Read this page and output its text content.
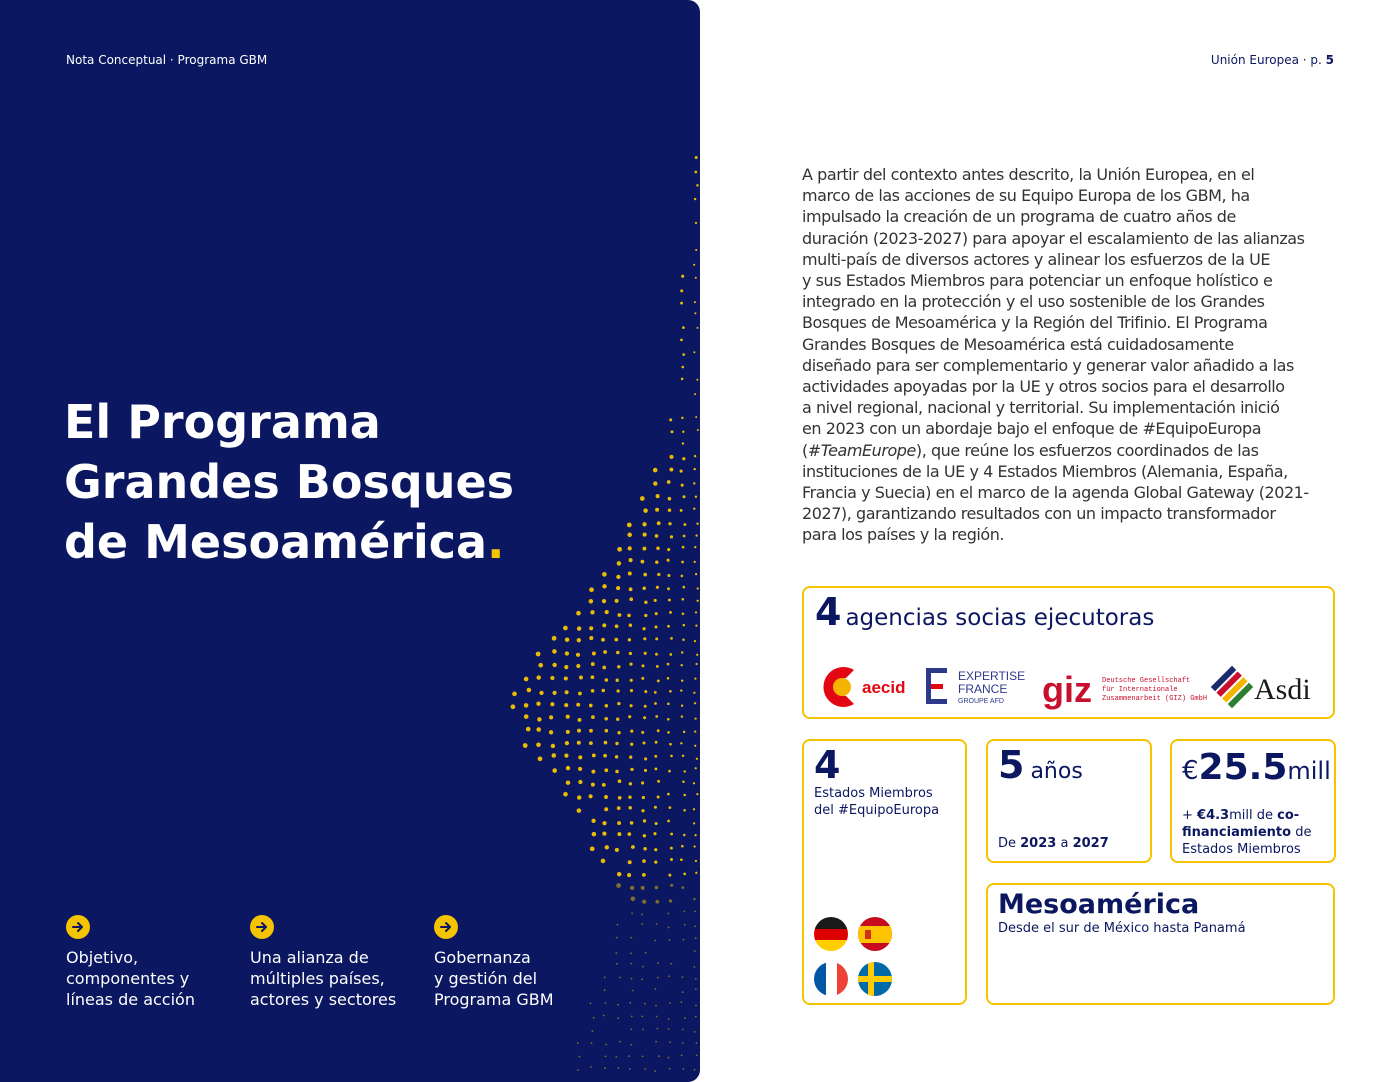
Nota Conceptual · Programa GBM
El Programa
Grandes Bosques
de Mesoamérica.
Objetivo,
componentes y
líneas de acción
Una alianza de
múltiples países,
actores y sectores
Gobernanza
y gestión del
Programa GBM
Unión Europea · p. 5
A partir del contexto antes descrito, la Unión Europea, en el
marco de las acciones de su Equipo Europa de los GBM, ha
impulsado la creación de un programa de cuatro años de
duración (2023-2027) para apoyar el escalamiento de las alianzas
multi-país de diversos actores y alinear los esfuerzos de la UE
y sus Estados Miembros para potenciar un enfoque holístico e
integrado en la protección y el uso sostenible de los Grandes
Bosques de Mesoamérica y la Región del Trifinio. El Programa
Grandes Bosques de Mesoamérica está cuidadosamente
diseñado para ser complementario y generar valor añadido a las
actividades apoyadas por la UE y otros socios para el desarrollo
a nivel regional, nacional y territorial. Su implementación inició
en 2023 con un abordaje bajo el enfoque de #EquipoEuropa
(#TeamEurope), que reúne los esfuerzos coordinados de las
instituciones de la UE y 4 Estados Miembros (Alemania, España,
Francia y Suecia) en el marco de la agenda Global Gateway (2021-
2027), garantizando resultados con un impacto transformador
para los países y la región.
4 agencias socias ejecutoras
aecid
EXPERTISE
FRANCE
GROUPE AFD giz Deutsche Gesellschaft
für Internationale
Zusammenarbeit (GIZ) GmbH Asdi
4
Estados Miembros
del #EquipoEuropa
5 años
De 2023 a 2027
€25.5mill
+ €4.3mill de co-financiamiento de Estados Miembros
Mesoamérica
Desde el sur de México hasta Panamá
